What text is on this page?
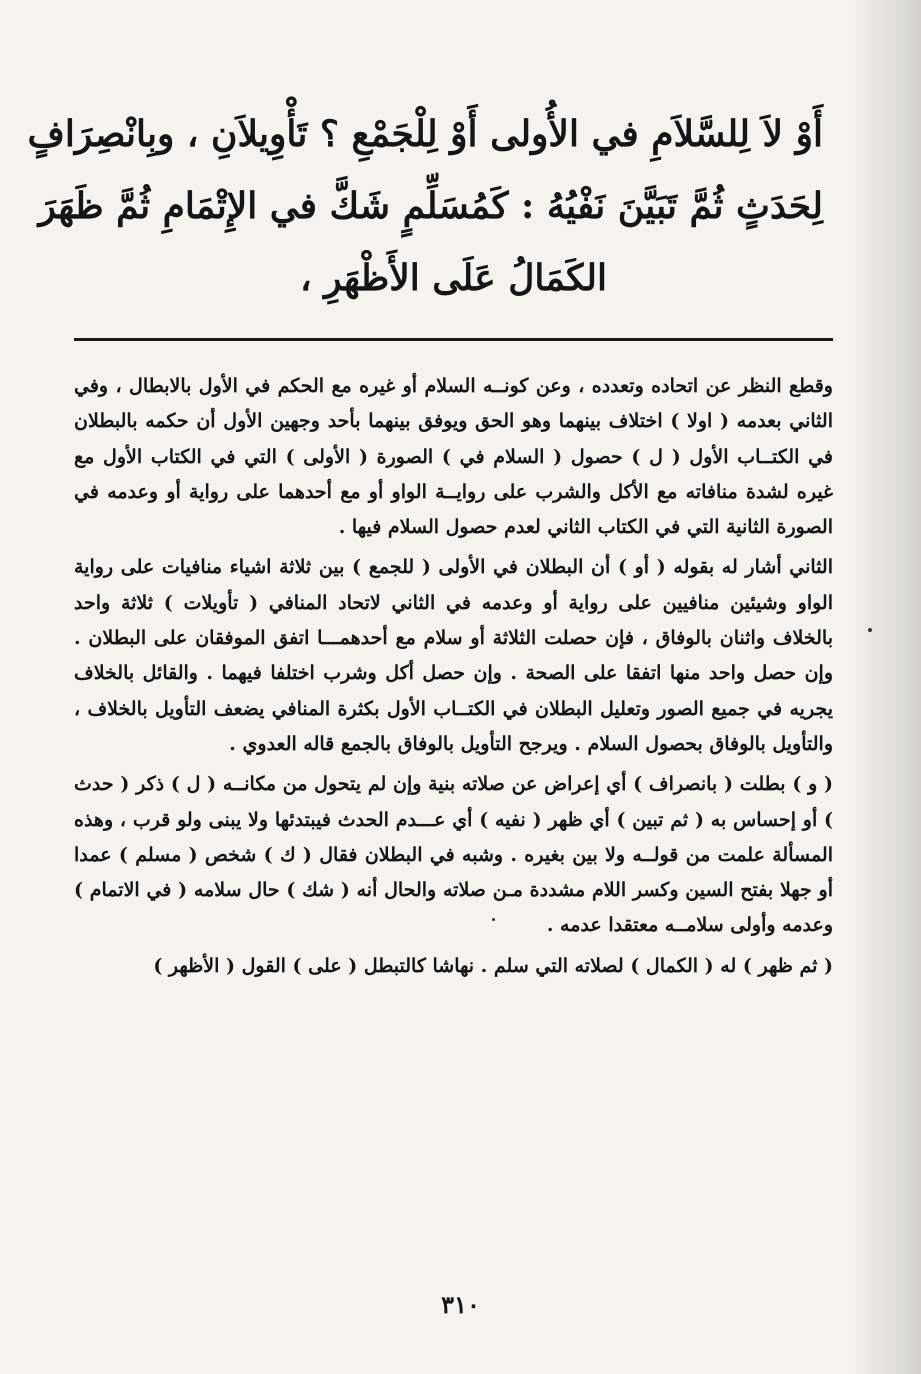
أَوْ لاَ لِلسَّلاَمِ في الأُولى أَوْ لِلْجَمْعِ ؟ تَأْوِيلاَنِ ، وبِانْصِرَافٍ
لِحَدَثٍ ثُمَّ تَبَيَّنَ نَفْيُهُ : كَمُسَلِّمٍ شَكَّ في الإِتْمَامِ ثُمَّ ظَهَرَ
الكَمَالُ عَلَى الأَظْهَرِ ،

وقطع النظر عن اتحاده وتعدده ، وعن كونــه السلام أو غيره مع الحكم في الأول بالابطال ، وفي الثاني بعدمه ( اولا ) اختلاف بينهما وهو الحق ويوفق بينهما بأحد وجهين الأول أن حكمه بالبطلان في الكتــاب الأول ( ل ) حصول ( السلام في ) الصورة ( الأولى ) التي في الكتاب الأول مع غيره لشدة منافاته مع الأكل والشرب على روايــة الواو أو مع أحدهما على رواية أو وعدمه في الصورة الثانية التي في الكتاب الثاني لعدم حصول السلام فيها .

الثاني أشار له بقوله ( أو ) أن البطلان في الأولى ( للجمع ) بين ثلاثة اشياء منافيات على رواية الواو وشيئين منافيين على رواية أو وعدمه في الثاني لاتحاد المنافي ( تأويلات ) ثلاثة واحد بالخلاف واثنان بالوفاق ، فإن حصلت الثلاثة أو سلام مع أحدهمـــا اتفق الموفقان على البطلان . وإن حصل واحد منها اتفقا على الصحة . وإن حصل أكل وشرب اختلفا فيهما . والقائل بالخلاف يجريه في جميع الصور وتعليل البطلان في الكتــاب الأول بكثرة المنافي يضعف التأويل بالخلاف ، والتأويل بالوفاق بحصول السلام . ويرجح التأويل بالوفاق بالجمع قاله العدوي .

( و ) بطلت ( بانصراف ) أي إعراض عن صلاته بنية وإن لم يتحول من مكانــه ( ل ) ذكر ( حدث ) أو إحساس به ( ثم تبين ) أي ظهر ( نفيه ) أي عـــدم الحدث فيبتدئها ولا يبنى ولو قرب ، وهذه المسألة علمت من قولــه ولا بين بغيره . وشبه في البطلان فقال ( ك ) شخص ( مسلم ) عمدا أو جهلا بفتح السين وكسر اللام مشددة مـن صلاته والحال أنه ( شك ) حال سلامه ( في الاتمام ) وعدمه وأولى سلامــه معتقدا عدمه .

( ثم ظهر ) له ( الكمال ) لصلاته التي سلم . نهاشا كالتبطل ( على ) القول ( الأظهر )

٣١٠
